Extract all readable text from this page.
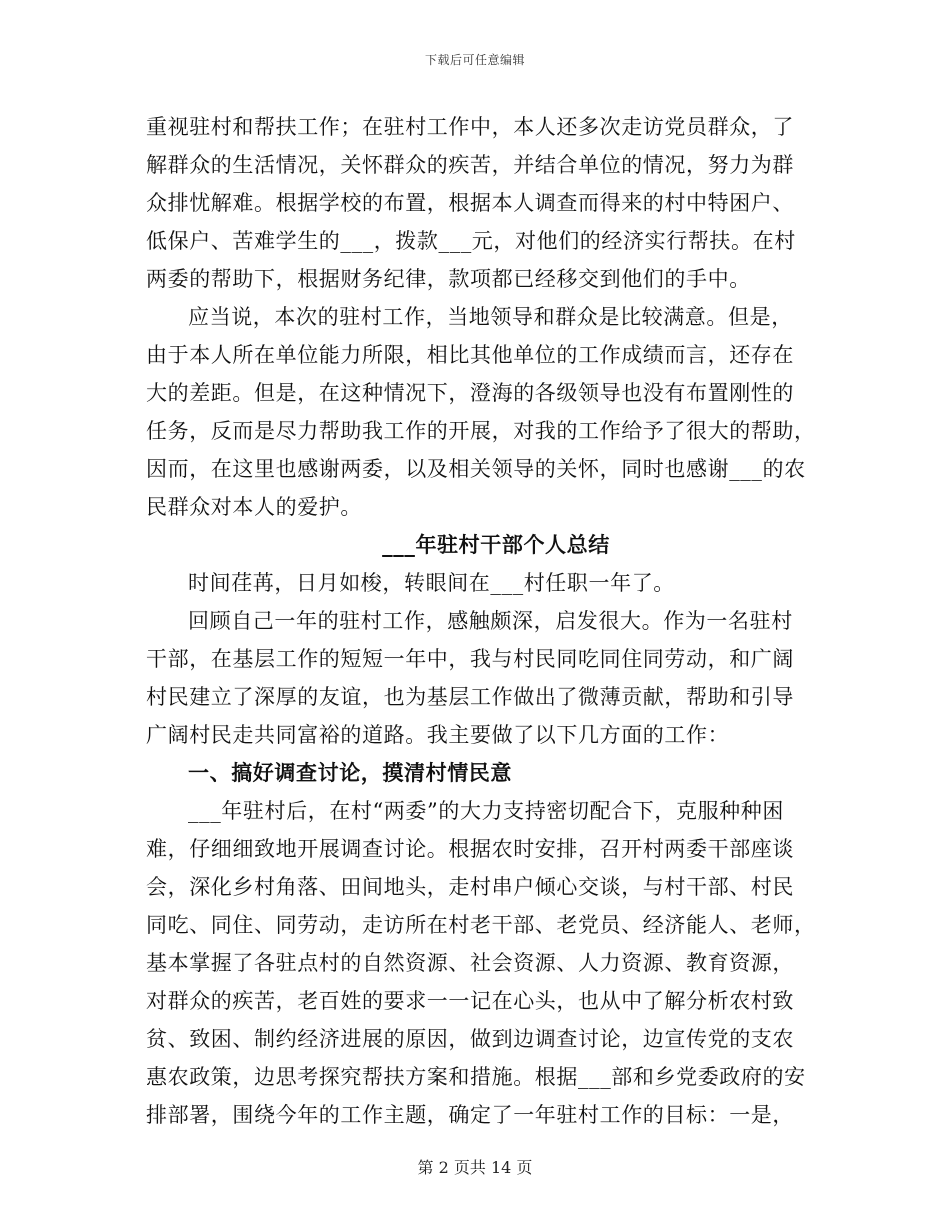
下载后可任意编辑
重视驻村和帮扶工作；在驻村工作中，本人还多次走访党员群众，了
解群众的生活情况，关怀群众的疾苦，并结合单位的情况，努力为群
众排忧解难。根据学校的布置，根据本人调查而得来的村中特困户、
低保户、苦难学生的___，拨款___元，对他们的经济实行帮扶。在村
两委的帮助下，根据财务纪律，款项都已经移交到他们的手中。
应当说，本次的驻村工作，当地领导和群众是比较满意。但是，
由于本人所在单位能力所限，相比其他单位的工作成绩而言，还存在
大的差距。但是，在这种情况下，澄海的各级领导也没有布置刚性的
任务，反而是尽力帮助我工作的开展，对我的工作给予了很大的帮助，
因而，在这里也感谢两委，以及相关领导的关怀，同时也感谢___的农
民群众对本人的爱护。
___年驻村干部个人总结
时间荏苒，日月如梭，转眼间在___村任职一年了。
回顾自己一年的驻村工作，感触颇深，启发很大。作为一名驻村
干部，在基层工作的短短一年中，我与村民同吃同住同劳动，和广阔
村民建立了深厚的友谊，也为基层工作做出了微薄贡献，帮助和引导
广阔村民走共同富裕的道路。我主要做了以下几方面的工作：
一、搞好调查讨论，摸清村情民意
___年驻村后，在村“两委”的大力支持密切配合下，克服种种困
难，仔细细致地开展调查讨论。根据农时安排，召开村两委干部座谈
会，深化乡村角落、田间地头，走村串户倾心交谈，与村干部、村民
同吃、同住、同劳动，走访所在村老干部、老党员、经济能人、老师，
基本掌握了各驻点村的自然资源、社会资源、人力资源、教育资源，
对群众的疾苦，老百姓的要求一一记在心头，也从中了解分析农村致
贫、致困、制约经济进展的原因，做到边调查讨论，边宣传党的支农
惠农政策，边思考探究帮扶方案和措施。根据___部和乡党委政府的安
排部署，围绕今年的工作主题，确定了一年驻村工作的目标：一是，
第 2 页共 14 页
